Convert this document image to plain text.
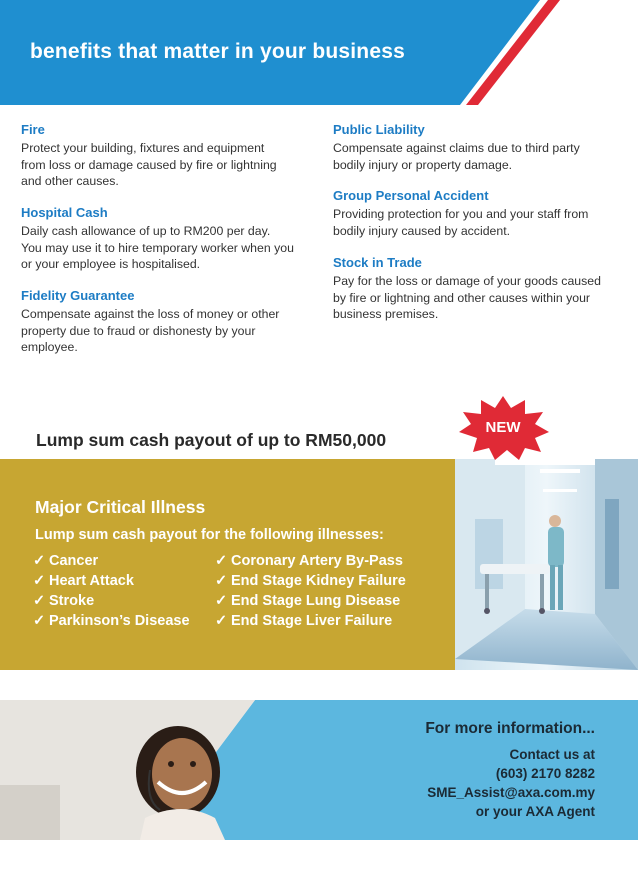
benefits that matter in your business
Fire
Protect your building, fixtures and equipment
from loss or damage caused by fire or lightning
and other causes.
Hospital Cash
Daily cash allowance of up to RM200 per day.
You may use it to hire temporary worker when you
or your employee is hospitalised.
Fidelity Guarantee
Compensate against the loss of money or other
property due to fraud or dishonesty by your
employee.
Public Liability
Compensate against claims due to third party
bodily injury or property damage.
Group Personal Accident
Providing protection for you and your staff from
bodily injury caused by accident.
Stock in Trade
Pay for the loss or damage of your goods caused
by fire or lightning and other causes within your
business premises.
Lump sum cash payout of up to RM50,000
NEW
Major Critical Illness
Lump sum cash payout for the following illnesses:
✓ Cancer
✓ Heart Attack
✓ Stroke
✓ Parkinson’s Disease
✓ Coronary Artery By-Pass
✓ End Stage Kidney Failure
✓ End Stage Lung Disease
✓ End Stage Liver Failure
For more information...
Contact us at
(603) 2170 8282
SME_Assist@axa.com.my
or your AXA Agent
